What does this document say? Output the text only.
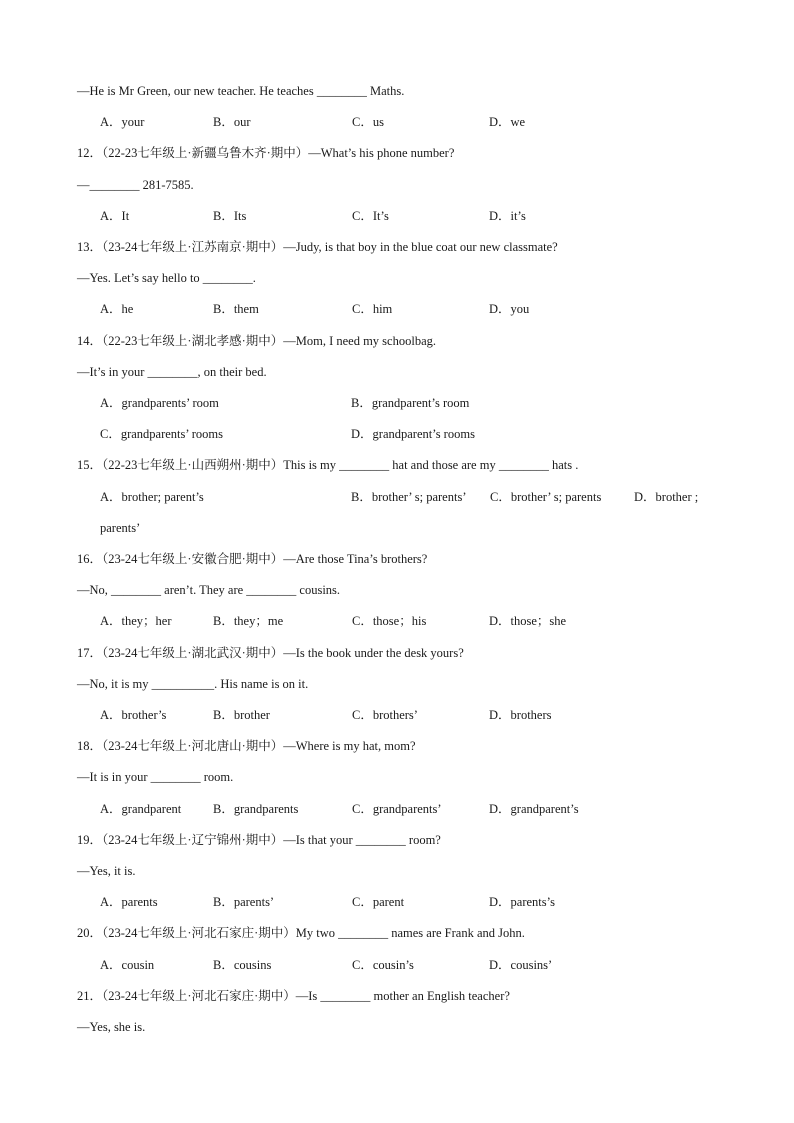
—He is Mr Green, our new teacher. He teaches ________ Maths.
A．your	B．our	C．us	D．we
12．（22-23七年级上·新疆乌鲁木齐·期中）—What’s his phone number?
—________ 281-7585.
A．It	B．Its	C．It’s	D．it’s
13．（23-24七年级上·江苏南京·期中）—Judy, is that boy in the blue coat our new classmate?
—Yes. Let’s say hello to ________.
A．he	B．them	C．him	D．you
14．（22-23七年级上·湖北孝感·期中）—Mom, I need my schoolbag.
—It’s in your ________, on their bed.
A．grandparents’ room	B．grandparent’s room
C．grandparents’ rooms	D．grandparent’s rooms
15．（22-23七年级上·山西朔州·期中）This is my ________ hat and those are my ________ hats .
A．brother; parent’s	B．brother’ s; parents’ C．brother’ s; parents	D．brother ;
parents’
16．（23-24七年级上·安徽合肥·期中）—Are those Tina’s brothers?
—No, ________ aren’t. They are ________ cousins.
A．they；her	B．they；me	C．those；his	D．those；she
17．（23-24七年级上·湖北武汉·期中）—Is the book under the desk yours?
—No, it is my __________. His name is on it.
A．brother’s	B．brother	C．brothers’	D．brothers
18．（23-24七年级上·河北唐山·期中）—Where is my hat, mom?
—It is in your ________ room.
A．grandparent	B．grandparents	C．grandparents’	D．grandparent’s
19．（23-24七年级上·辽宁锦州·期中）—Is that your ________ room?
—Yes, it is.
A．parents	B．parents’	C．parent	D．parents’s
20．（23-24七年级上·河北石家庄·期中）My two ________ names are Frank and John.
A．cousin	B．cousins	C．cousin’s	D．cousins’
21．（23-24七年级上·河北石家庄·期中）—Is ________ mother an English teacher?
—Yes, she is.
